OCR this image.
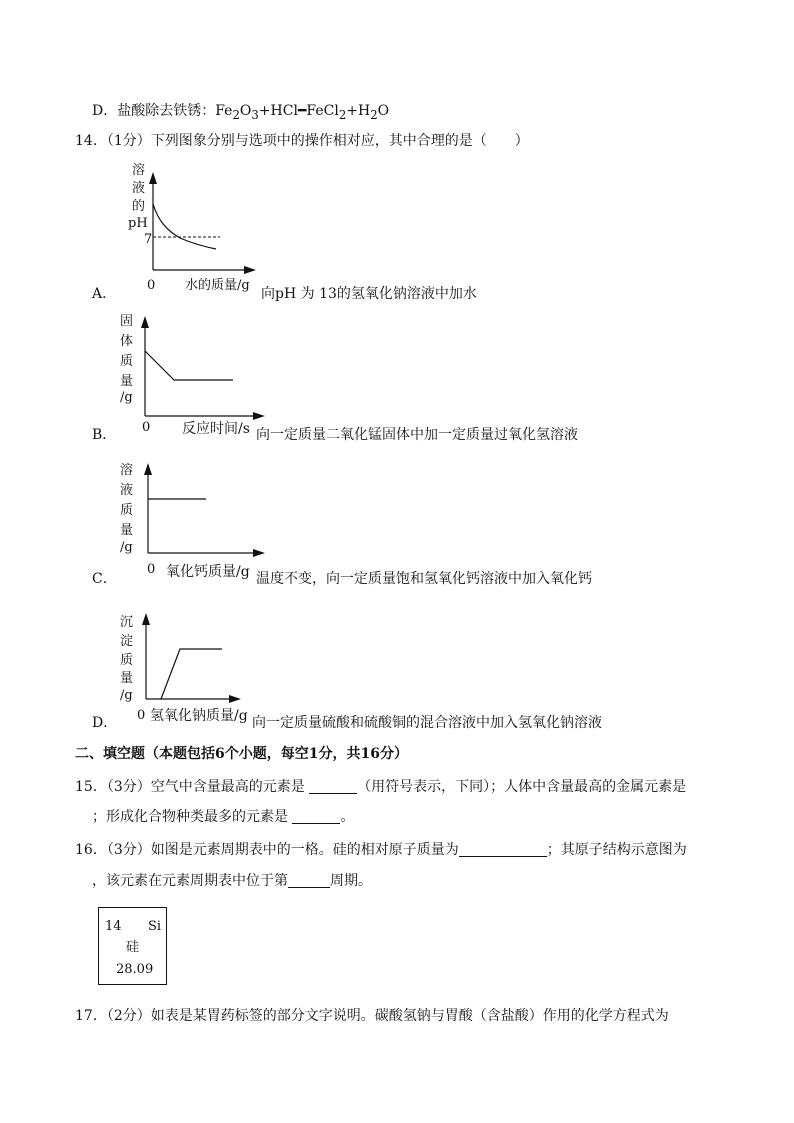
D．盐酸除去铁锈：$Fe_2O_3+HCl━FeCl_2+H_2O$
14．（1分）下列图象分别与选项中的操作相对应，其中合理的是（　　）
溶
液
的
pH
7
0 水的质量/g
A．	向pH 为 13的氢氧化钠溶液中加水
固
体
质
量
/g
0 反应时间/s
B．	向一定质量二氧化锰固体中加一定质量过氧化氢溶液
溶
液
质
量
/g
0 氧化钙质量/g
C．	温度不变，向一定质量饱和氢氧化钙溶液中加入氧化钙
沉
淀
质
量
/g
0 氢氧化钠质量/g
D．	向一定质量硫酸和硫酸铜的混合溶液中加入氢氧化钠溶液
二、填空题（本题包括6个小题，每空1分，共16分）
15．（3分）空气中含量最高的元素是	（用符号表示，下同）；人体中含量最高的金属元素是
；形成化合物种类最多的元素是	。
16．（3分）如图是元素周期表中的一格。硅的相对原子质量为	；其原子结构示意图为
，该元素在元素周期表中位于第	周期。
14 Si
硅
28.09
17．（2分）如表是某胃药标签的部分文字说明。碳酸氢钠与胃酸（含盐酸）作用的化学方程式为
